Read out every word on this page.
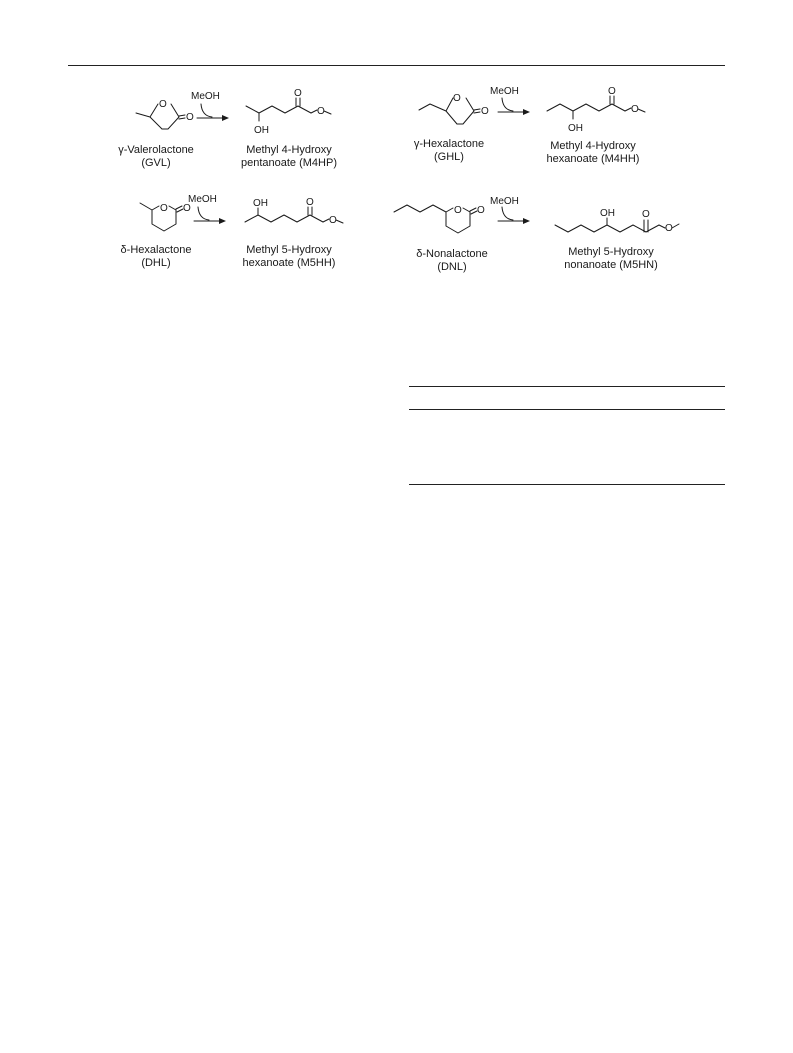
O
O
O
O
OH
O
O
O
O
OH
O O	OH	O
O
O O	OH	O
O
MeOH	MeOH
MeOH	MeOH
γ-Valerolactone
(GVL)
Methyl 4-Hydroxy
pentanoate (M4HP)
γ-Hexalactone
(GHL)
Methyl 4-Hydroxy
hexanoate (M4HH)
δ-Hexalactone
(DHL)
Methyl 5-Hydroxy
hexanoate (M5HH)
δ-Nonalactone
(DNL)
Methyl 5-Hydroxy
nonanoate (M5HN)
